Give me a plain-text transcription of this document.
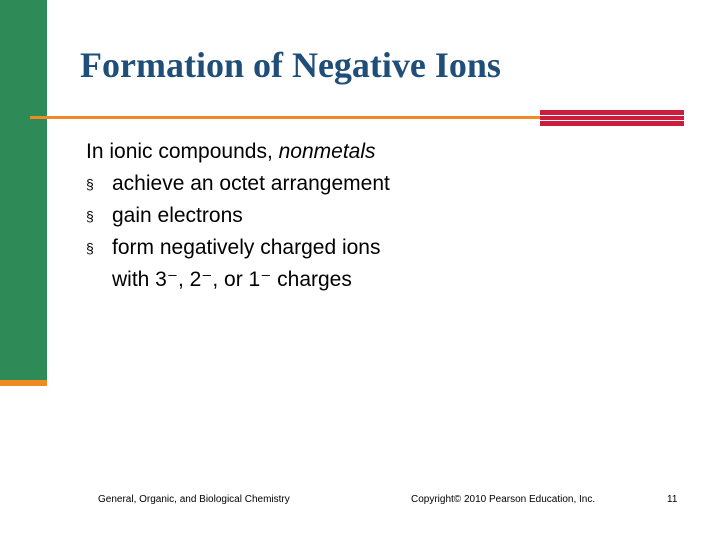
Formation of Negative Ions
In ionic compounds, nonmetals
§ achieve an octet arrangement
§ gain electrons
§ form negatively charged ions
with 3⁻, 2⁻, or 1⁻ charges
General, Organic, and Biological Chemistry	Copyright© 2010 Pearson Education, Inc.	11
